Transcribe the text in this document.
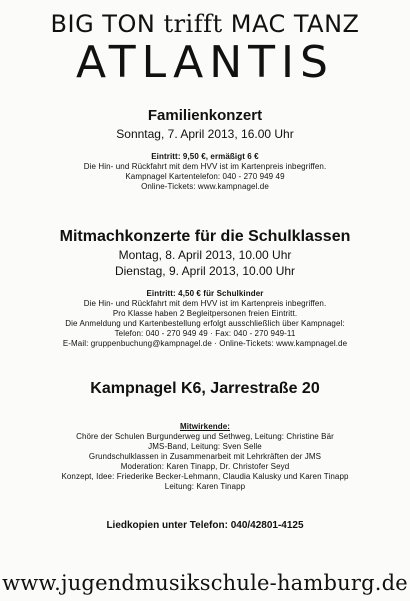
BIG TON trifft MAC TANZ
ATLANTIS
Familienkonzert
Sonntag, 7. April 2013, 16.00 Uhr
Eintritt: 9,50 €, ermäßigt 6 €
Die Hin- und Rückfahrt mit dem HVV ist im Kartenpreis inbegriffen.
Kampnagel Kartentelefon: 040 - 270 949 49
Online-Tickets: www.kampnagel.de
Mitmachkonzerte für die Schulklassen
Montag, 8. April 2013, 10.00 Uhr
Dienstag, 9. April 2013, 10.00 Uhr
Eintritt: 4,50 € für Schulkinder
Die Hin- und Rückfahrt mit dem HVV ist im Kartenpreis inbegriffen.
Pro Klasse haben 2 Begleitpersonen freien Eintritt.
Die Anmeldung und Kartenbestellung erfolgt ausschließlich über Kampnagel:
Telefon: 040 - 270 949 49 · Fax: 040 - 270 949-11
E-Mail: gruppenbuchung@kampnagel.de · Online-Tickets: www.kampnagel.de
Kampnagel K6, Jarrestraße 20
Mitwirkende:
Chöre der Schulen Burgunderweg und Sethweg, Leitung: Christine Bär
JMS-Band, Leitung: Sven Selle
Grundschulklassen in Zusammenarbeit mit Lehrkräften der JMS
Moderation: Karen Tinapp, Dr. Christofer Seyd
Konzept, Idee: Friederike Becker-Lehmann, Claudia Kalusky und Karen Tinapp
Leitung: Karen Tinapp
Liedkopien unter Telefon: 040/42801-4125
www.jugendmusikschule-hamburg.de
